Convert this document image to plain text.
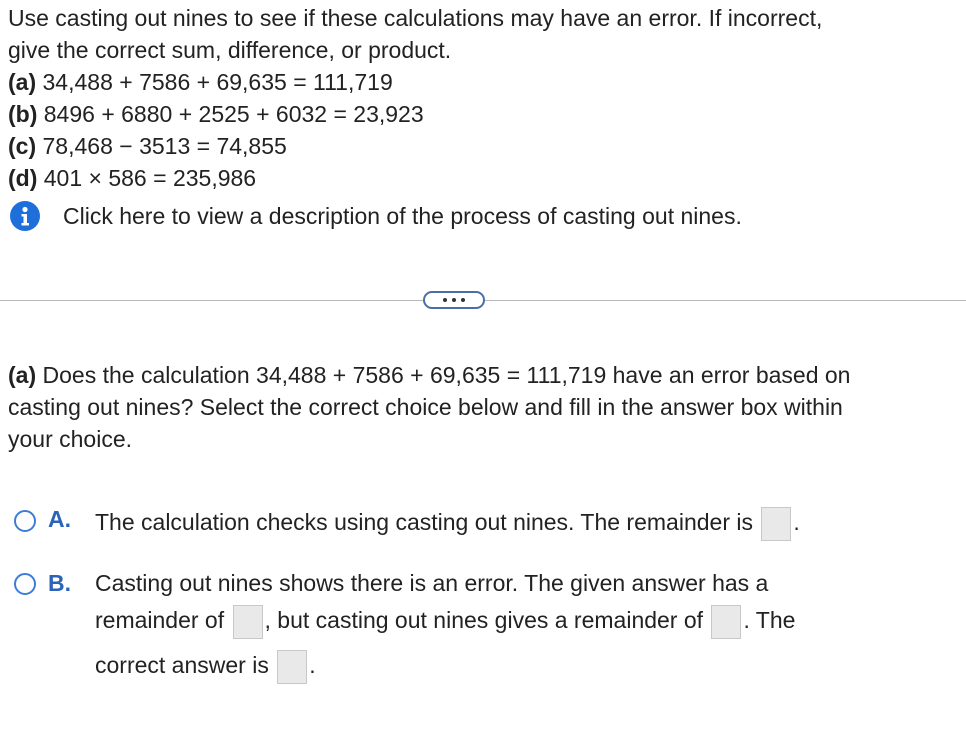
Use casting out nines to see if these calculations may have an error. If incorrect,
give the correct sum, difference, or product.
(a) 34,488 + 7586 + 69,635 = 111,719
(b) 8496 + 6880 + 2525 + 6032 = 23,923
(c) 78,468 − 3513 = 74,855
(d) 401 × 586 = 235,986
Click here to view a description of the process of casting out nines.
(a) Does the calculation 34,488 + 7586 + 69,635 = 111,719 have an error based on
casting out nines? Select the correct choice below and fill in the answer box within
your choice.
A. The calculation checks using casting out nines. The remainder is .
B. Casting out nines shows there is an error. The given answer has a
remainder of , but casting out nines gives a remainder of . The
correct answer is .
